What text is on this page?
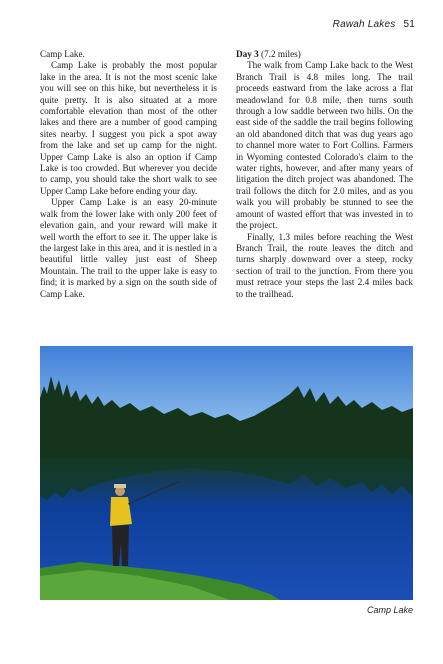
Rawah Lakes 51

Camp Lake.

Camp Lake is probably the most popular lake in the area. It is not the most scenic lake you will see on this hike, but nevertheless it is quite pretty. It is also situated at a more comfortable elevation than most of the other lakes and there are a number of good camping sites nearby. I suggest you pick a spot away from the lake and set up camp for the night. Upper Camp Lake is also an option if Camp Lake is too crowded. But wherever you decide to camp, you should take the short walk to see Upper Camp Lake before ending your day.

Upper Camp Lake is an easy 20-minute walk from the lower lake with only 200 feet of elevation gain, and your reward will make it well worth the effort to see it. The upper lake is the largest lake in this area, and it is nestled in a beautiful little valley just east of Sheep Mountain. The trail to the upper lake is easy to find; it is marked by a sign on the south side of Camp Lake.

Day 3 (7.2 miles)

The walk from Camp Lake back to the West Branch Trail is 4.8 miles long. The trail proceeds eastward from the lake across a flat meadowland for 0.8 mile, then turns south through a low saddle between two hills. On the east side of the saddle the trail begins following an old abandoned ditch that was dug years ago to channel more water to Fort Collins. Farmers in Wyoming contested Colorado's claim to the water rights, however, and after many years of litigation the ditch project was abandoned. The trail follows the ditch for 2.0 miles, and as you walk you will probably be stunned to see the amount of wasted effort that was invested in to the project.

Finally, 1.3 miles before reaching the West Branch Trail, the route leaves the ditch and turns sharply downward over a steep, rocky section of trail to the junction. From there you must retrace your steps the last 2.4 miles back to the trailhead.

Camp Lake
